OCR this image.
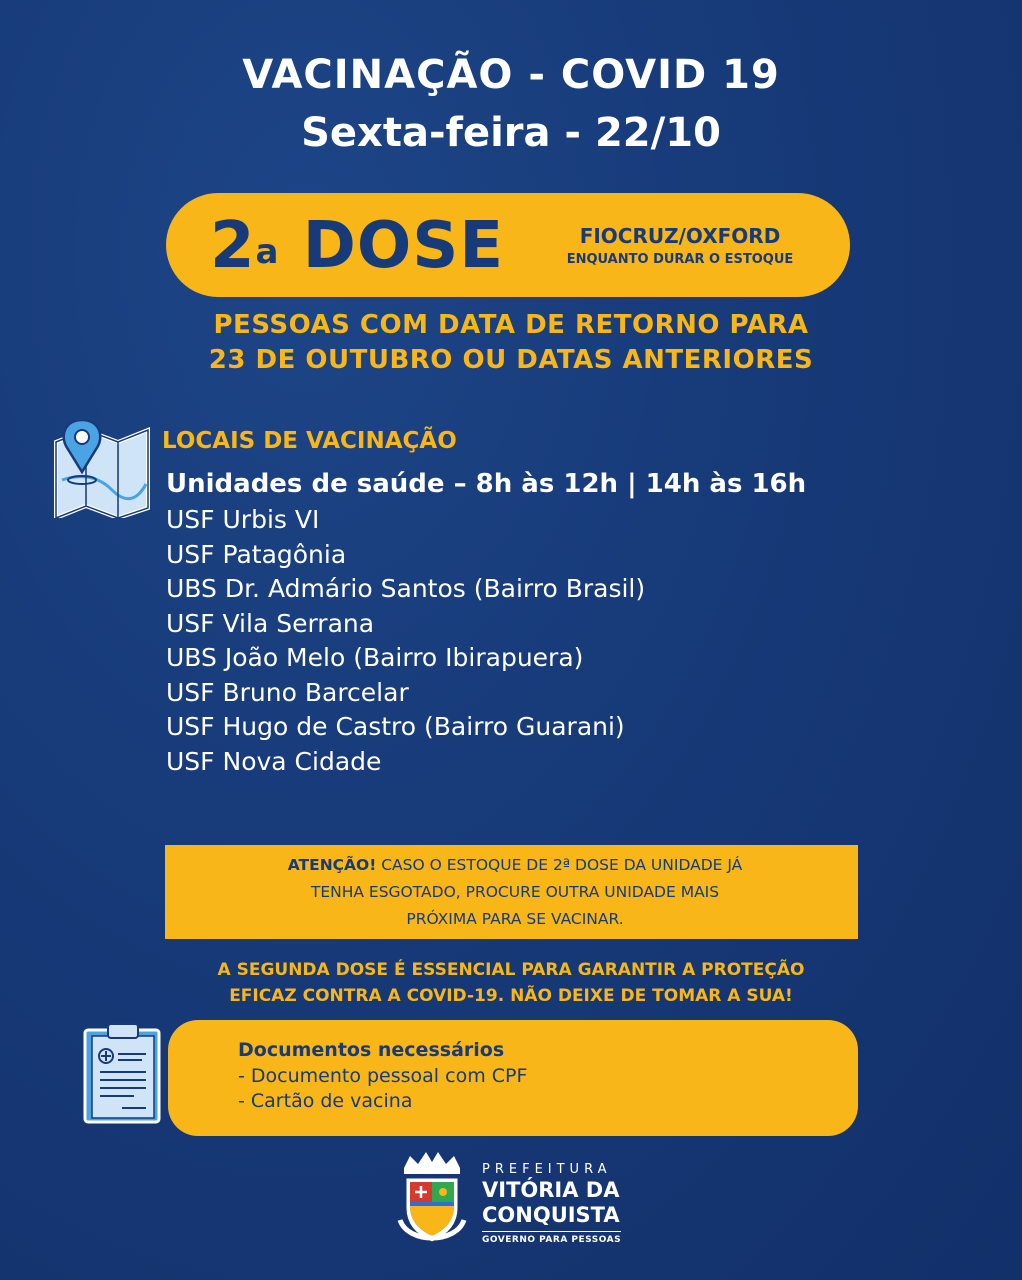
VACINAÇÃO - COVID 19
Sexta-feira - 22/10
2$^a$ DOSE	FIOCRUZ/OXFORD
ENQUANTO DURAR O ESTOQUE
PESSOAS COM DATA DE RETORNO PARA
23 DE OUTUBRO OU DATAS ANTERIORES
LOCAIS DE VACINAÇÃO
Unidades de saúde – 8h às 12h | 14h às 16h
USF Urbis VI
USF Patagônia
UBS Dr. Admário Santos (Bairro Brasil)
USF Vila Serrana
UBS João Melo (Bairro Ibirapuera)
USF Bruno Barcelar
USF Hugo de Castro (Bairro Guarani)
USF Nova Cidade
ATENÇÃO! CASO O ESTOQUE DE 2ª DOSE DA UNIDADE JÁ
TENHA ESGOTADO, PROCURE OUTRA UNIDADE MAIS
PRÓXIMA PARA SE VACINAR.
A SEGUNDA DOSE É ESSENCIAL PARA GARANTIR A PROTEÇÃO
EFICAZ CONTRA A COVID-19. NÃO DEIXE DE TOMAR A SUA!
Documentos necessários
- Documento pessoal com CPF
- Cartão de vacina
PREFEITURA
VITÓRIA DA
CONQUISTA
GOVERNO PARA PESSOAS
